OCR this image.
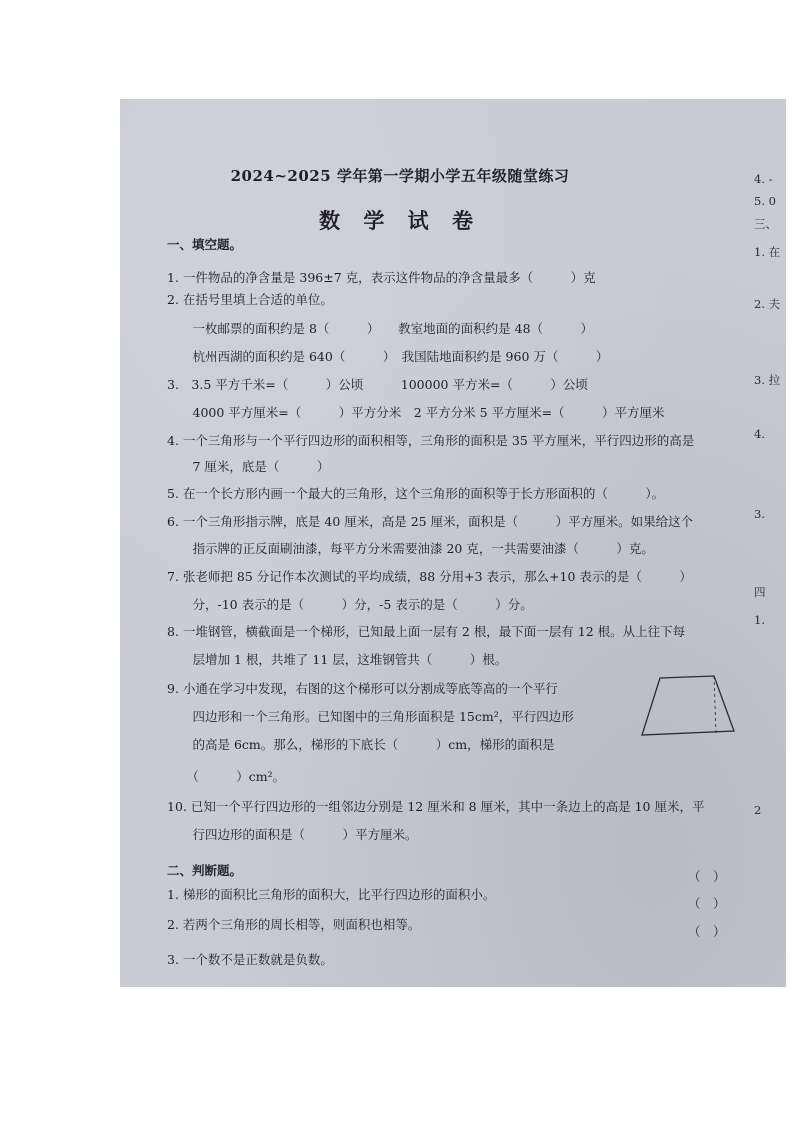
2024~2025 学年第一学期小学五年级随堂练习
数 学 试 卷
一、填空题。
1. 一件物品的净含量是 396±7 克，表示这件物品的净含量最多（　　　）克
2. 在括号里填上合适的单位。
　一枚邮票的面积约是 8（　　　）　　教室地面的面积约是 48（　　　）
　杭州西湖的面积约是 640（　　　）　我国陆地面积约是 960 万（　　　）
3.　3.5 平方千米=（　　　）公顷　　　100000 平方米=（　　　）公顷
　4000 平方厘米=（　　　）平方分米　2 平方分米 5 平方厘米=（　　　）平方厘米
4. 一个三角形与一个平行四边形的面积相等，三角形的面积是 35 平方厘米，平行四边形的高是
　7 厘米，底是（　　　）
5. 在一个长方形内画一个最大的三角形，这个三角形的面积等于长方形面积的（　　　）。
6. 一个三角形指示牌，底是 40 厘米，高是 25 厘米，面积是（　　　）平方厘米。如果给这个
　指示牌的正反面刷油漆，每平方分米需要油漆 20 克，一共需要油漆（　　　）克。
7. 张老师把 85 分记作本次测试的平均成绩，88 分用+3 表示，那么+10 表示的是（　　　）
　分，-10 表示的是（　　　）分，-5 表示的是（　　　）分。
8. 一堆钢管，横截面是一个梯形，已知最上面一层有 2 根，最下面一层有 12 根。从上往下每
　层增加 1 根，共堆了 11 层，这堆钢管共（　　　）根。
9. 小通在学习中发现，右图的这个梯形可以分割成等底等高的一个平行
　四边形和一个三角形。已知图中的三角形面积是 15cm²，平行四边形
　的高是 6cm。那么，梯形的下底长（　　　）cm，梯形的面积是
　（　　　）cm²。
10. 已知一个平行四边形的一组邻边分别是 12 厘米和 8 厘米，其中一条边上的高是 10 厘米，平
　行四边形的面积是（　　　）平方厘米。
二、判断题。
1. 梯形的面积比三角形的面积大，比平行四边形的面积小。
2. 若两个三角形的周长相等，则面积也相等。
3. 一个数不是正数就是负数。
（　）
（　）
（　）
4. -
5. 0
三、
1. 在
2. 夫
3. 拉
4.
3.
四
1.
2
